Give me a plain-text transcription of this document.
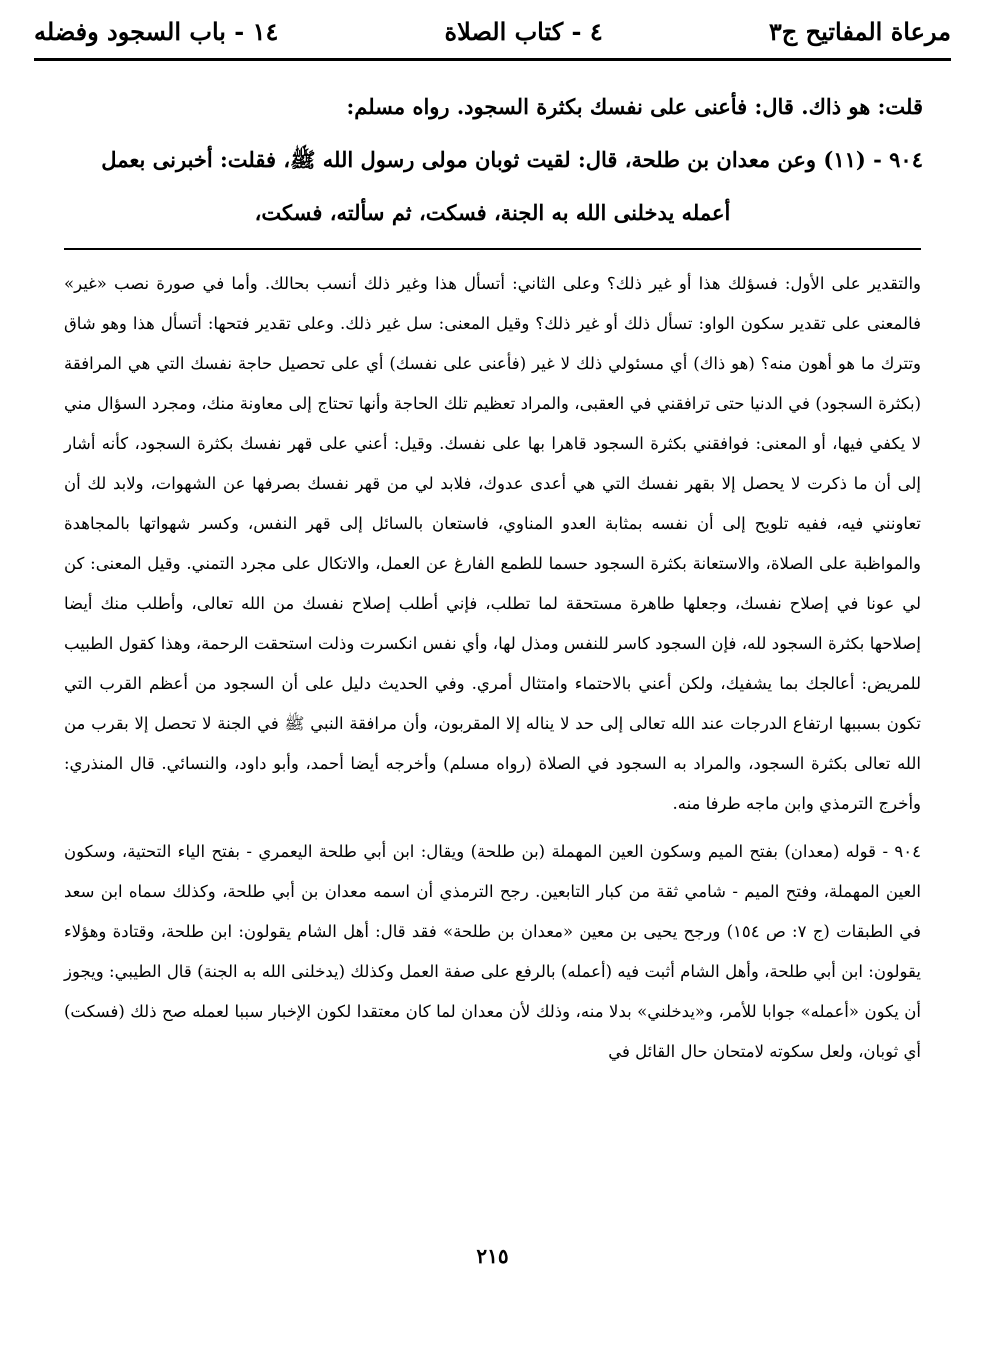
مرعاة المفاتيح ج٣
٤ - كتاب الصلاة
١٤ - باب السجود وفضله

قلت: هو ذاك. قال: فأعنى على نفسك بكثرة السجود. رواه مسلم:

٩٠٤ - (١١) وعن معدان بن طلحة، قال: لقيت ثوبان مولى رسول الله ﷺ، فقلت: أخبرنى بعمل

أعمله يدخلنى الله به الجنة، فسكت، ثم سألته، فسكت،

والتقدير على الأول: فسؤلك هذا أو غير ذلك؟ وعلى الثاني: أتسأل هذا وغير ذلك أنسب بحالك. وأما في صورة نصب «غير» فالمعنى على تقدير سكون الواو: تسأل ذلك أو غير ذلك؟ وقيل المعنى: سل غير ذلك. وعلى تقدير فتحها: أتسأل هذا وهو شاق وتترك ما هو أهون منه؟ (هو ذاك) أي مسئولي ذلك لا غير (فأعنى على نفسك) أي على تحصيل حاجة نفسك التي هي المرافقة (بكثرة السجود) في الدنيا حتى ترافقني في العقبى، والمراد تعظيم تلك الحاجة وأنها تحتاج إلى معاونة منك، ومجرد السؤال مني لا يكفي فيها، أو المعنى: فوافقني بكثرة السجود قاهرا بها على نفسك. وقيل: أعني على قهر نفسك بكثرة السجود، كأنه أشار إلى أن ما ذكرت لا يحصل إلا بقهر نفسك التي هي أعدى عدوك، فلابد لي من قهر نفسك بصرفها عن الشهوات، ولابد لك أن تعاونني فيه، ففيه تلويح إلى أن نفسه بمثابة العدو المناوي، فاستعان بالسائل إلى قهر النفس، وكسر شهواتها بالمجاهدة والمواظبة على الصلاة، والاستعانة بكثرة السجود حسما للطمع الفارغ عن العمل، والاتكال على مجرد التمني. وقيل المعنى: كن لي عونا في إصلاح نفسك، وجعلها طاهرة مستحقة لما تطلب، فإني أطلب إصلاح نفسك من الله تعالى، وأطلب منك أيضا إصلاحها بكثرة السجود لله، فإن السجود كاسر للنفس ومذل لها، وأي نفس انكسرت وذلت استحقت الرحمة، وهذا كقول الطبيب للمريض: أعالجك بما يشفيك، ولكن أعني بالاحتماء وامتثال أمري. وفي الحديث دليل على أن السجود من أعظم القرب التي تكون بسببها ارتفاع الدرجات عند الله تعالى إلى حد لا يناله إلا المقربون، وأن مرافقة النبي ﷺ في الجنة لا تحصل إلا بقرب من الله تعالى بكثرة السجود، والمراد به السجود في الصلاة (رواه مسلم) وأخرجه أيضا أحمد، وأبو داود، والنسائي. قال المنذري: وأخرج الترمذي وابن ماجه طرفا منه.

٩٠٤ - قوله (معدان) بفتح الميم وسكون العين المهملة (بن طلحة) ويقال: ابن أبي طلحة اليعمري - بفتح الياء التحتية، وسكون العين المهملة، وفتح الميم - شامي ثقة من كبار التابعين. رجح الترمذي أن اسمه معدان بن أبي طلحة، وكذلك سماه ابن سعد في الطبقات (ج ٧: ص ١٥٤) ورجح يحيى بن معين «معدان بن طلحة» فقد قال: أهل الشام يقولون: ابن طلحة، وقتادة وهؤلاء يقولون: ابن أبي طلحة، وأهل الشام أثبت فيه (أعمله) بالرفع على صفة العمل وكذلك (يدخلنى الله به الجنة) قال الطيبي: ويجوز أن يكون «أعمله» جوابا للأمر، و«يدخلني» بدلا منه، وذلك لأن معدان لما كان معتقدا لكون الإخبار سببا لعمله صح ذلك (فسكت) أي ثوبان، ولعل سكوته لامتحان حال القائل في

٢١٥
